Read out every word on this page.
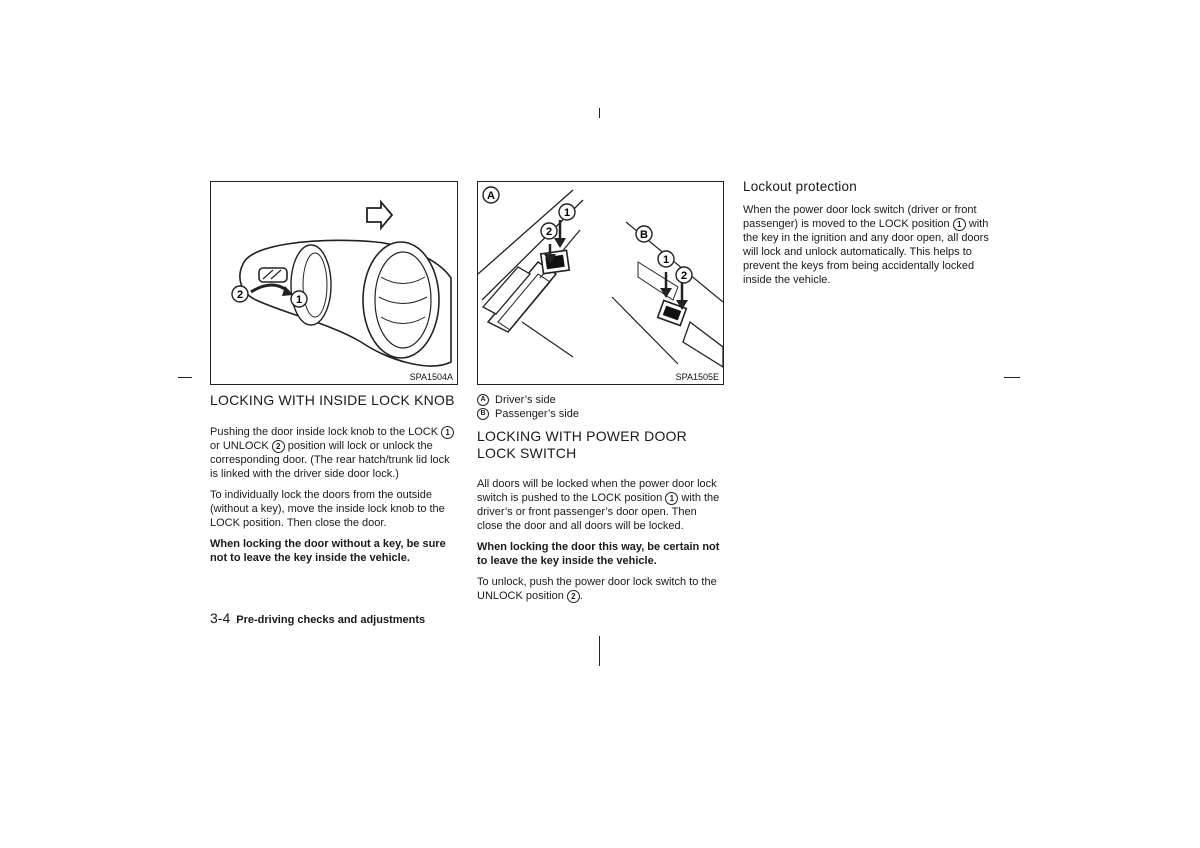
2	1
SPA1504A
A
B
1
2
1
2
SPA1505E
LOCKING WITH INSIDE LOCK KNOB

Pushing the door inside lock knob to the LOCK 1 or UNLOCK 2 position will lock or unlock the corresponding door. (The rear hatch/trunk lid lock is linked with the driver side door lock.)

To individually lock the doors from the outside (without a key), move the inside lock knob to the LOCK position. Then close the door.

When locking the door without a key, be sure not to leave the key inside the vehicle.

A Driver’s side
B Passenger’s side
LOCKING WITH POWER DOOR LOCK SWITCH

All doors will be locked when the power door lock switch is pushed to the LOCK position 1 with the driver’s or front passenger’s door open. Then close the door and all doors will be locked.

When locking the door this way, be certain not to leave the key inside the vehicle.

To unlock, push the power door lock switch to the UNLOCK position 2 .

Lockout protection

When the power door lock switch (driver or front passenger) is moved to the LOCK position 1 with the key in the ignition and any door open, all doors will lock and unlock automatically. This helps to prevent the keys from being accidentally locked inside the vehicle.

3-4 Pre-driving checks and adjustments
